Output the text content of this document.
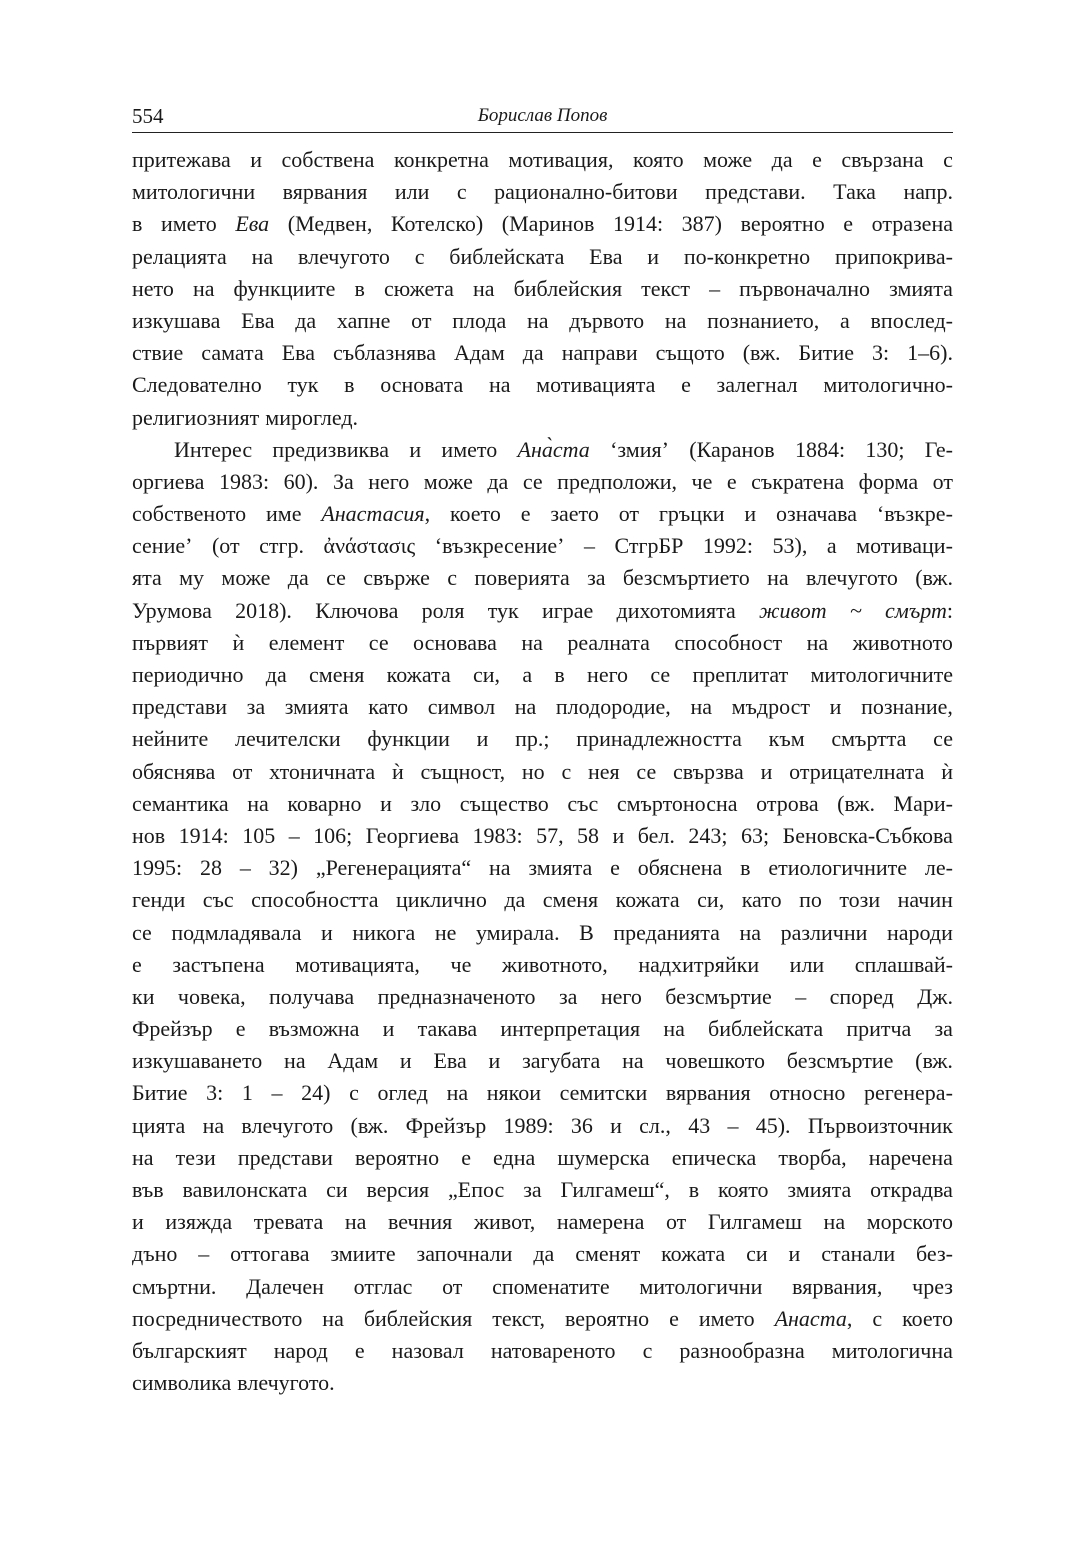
554	Борислав Попов
притежава и собствена конкретна мотивация, която може да е свързана с
митологични вярвания или с рационално-битови представи. Така напр.
в името Ева (Медвен, Котелско) (Маринов 1914: 387) вероятно е отразена
релацията на влечугото с библейската Ева и по-конкретно припокрива-
нето на функциите в сюжета на библейския текст – първоначално змията
изкушава Ева да хапне от плода на дървото на познанието, а впослед-
ствие самата Ева съблазнява Адам да направи същото (вж. Битие 3: 1–6).
Следователно тук в основата на мотивацията е залегнал митологично-
религиозният мироглед.
Интерес предизвиква и името Ана̀ста ‘змия’ (Каранов 1884: 130; Ге-
оргиева 1983: 60). За него може да се предположи, че е съкратена форма от
собственото име Анастасия, което е заето от гръцки и означава ‘възкре-
сение’ (от стгр. ἀνάστασις ‘възкресение’ – СтгрБР 1992: 53), а мотиваци-
ята му може да се свърже с поверията за безсмъртието на влечугото (вж.
Урумова 2018). Ключова роля тук играе дихотомията живот ~ смърт:
първият ѝ елемент се основава на реалната способност на животното
периодично да сменя кожата си, а в него се преплитат митологичните
представи за змията като символ на плодородие, на мъдрост и познание,
нейните лечителски функции и пр.; принадлежността към смъртта се
обяснява от хтоничната ѝ същност, но с нея се свързва и отрицателната ѝ
семантика на коварно и зло същество със смъртоносна отрова (вж. Мари-
нов 1914: 105 – 106; Георгиева 1983: 57, 58 и бел. 243; 63; Беновска-Събкова
1995: 28 – 32) „Регенерацията“ на змията е обяснена в етиологичните ле-
генди със способността циклично да сменя кожата си, като по този начин
се подмладявала и никога не умирала. В преданията на различни народи
е застъпена мотивацията, че животното, надхитряйки или сплашвай-
ки човека, получава предназначеното за него безсмъртие – според Дж.
Фрейзър е възможна и такава интерпретация на библейската притча за
изкушаването на Адам и Ева и загубата на човешкото безсмъртие (вж.
Битие 3: 1 – 24) с оглед на някои семитски вярвания относно регенера-
цията на влечугото (вж. Фрейзър 1989: 36 и сл., 43 – 45). Първоизточник
на тези представи вероятно е една шумерска епическа творба, наречена
във вавилонската си версия „Епос за Гилгамеш“, в която змията открадва
и изяжда тревата на вечния живот, намерена от Гилгамеш на морското
дъно – оттогава змиите започнали да сменят кожата си и станали без-
смъртни. Далечен отглас от споменатите митологични вярвания, чрез
посредничеството на библейския текст, вероятно е името Анаста, с което
българският народ е назовал натовареното с разнообразна митологична
символика влечугото.
